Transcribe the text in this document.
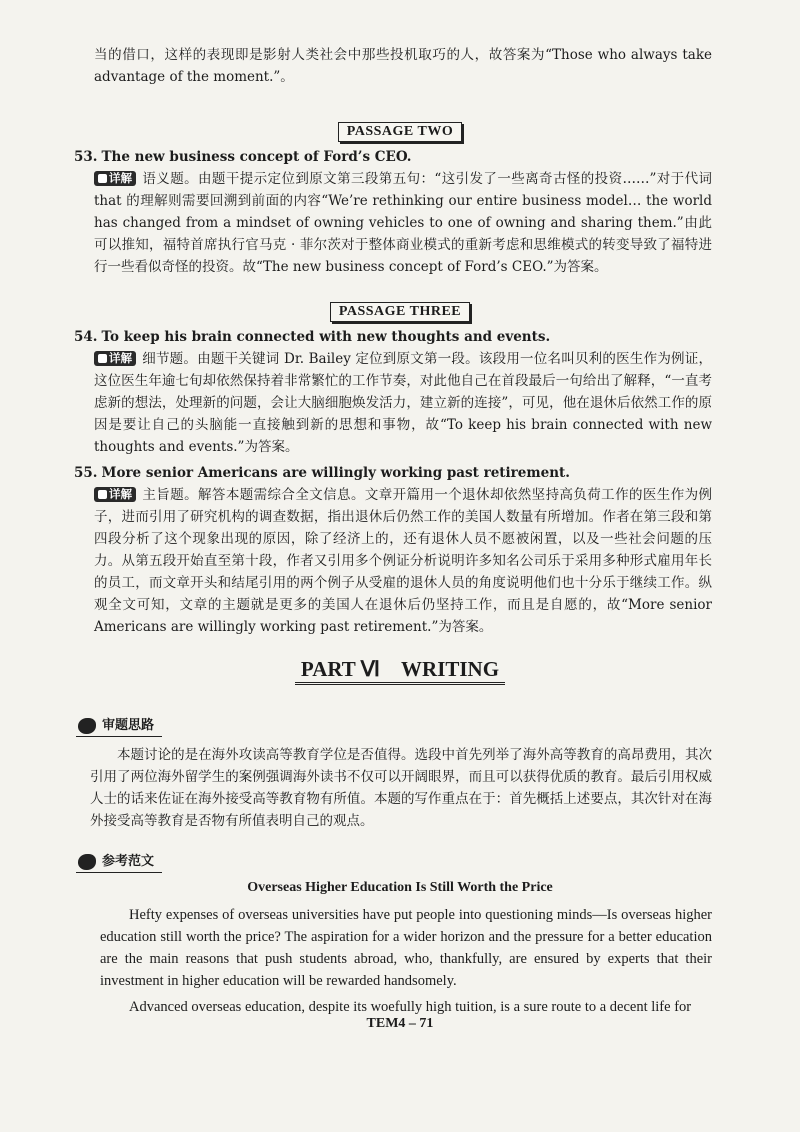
当的借口，这样的表现即是影射人类社会中那些投机取巧的人，故答案为“Those who always take advantage of the moment.”。

PASSAGE TWO

53. The new business concept of Ford’s CEO.

详解 语义题。由题干提示定位到原文第三段第五句：“这引发了一些离奇古怪的投资……”对于代词 that 的理解则需要回溯到前面的内容“We’re rethinking our entire business model… the world has changed from a mindset of owning vehicles to one of owning and sharing them.”由此可以推知，福特首席执行官马克 · 菲尔茨对于整体商业模式的重新考虑和思维模式的转变导致了福特进行一些看似奇怪的投资。故“The new business concept of Ford’s CEO.”为答案。

PASSAGE THREE

54. To keep his brain connected with new thoughts and events.

详解 细节题。由题干关键词 Dr. Bailey 定位到原文第一段。该段用一位名叫贝利的医生作为例证，这位医生年逾七旬却依然保持着非常繁忙的工作节奏，对此他自己在首段最后一句给出了解释，“一直考虑新的想法，处理新的问题，会让大脑细胞焕发活力，建立新的连接”，可见，他在退休后依然工作的原因是要让自己的头脑能一直接触到新的思想和事物，故“To keep his brain connected with new thoughts and events.”为答案。

55. More senior Americans are willingly working past retirement.

详解 主旨题。解答本题需综合全文信息。文章开篇用一个退休却依然坚持高负荷工作的医生作为例子，进而引用了研究机构的调查数据，指出退休后仍然工作的美国人数量有所增加。作者在第三段和第四段分析了这个现象出现的原因，除了经济上的，还有退休人员不愿被闲置，以及一些社会问题的压力。从第五段开始直至第十段，作者又引用多个例证分析说明许多知名公司乐于采用多种形式雇用年长的员工，而文章开头和结尾引用的两个例子从受雇的退休人员的角度说明他们也十分乐于继续工作。纵观全文可知，文章的主题就是更多的美国人在退休后仍坚持工作，而且是自愿的，故“More senior Americans are willingly working past retirement.”为答案。

PART Ⅵ　WRITING
审题思路

本题讨论的是在海外攻读高等教育学位是否值得。选段中首先列举了海外高等教育的高昂费用，其次引用了两位海外留学生的案例强调海外读书不仅可以开阔眼界，而且可以获得优质的教育。最后引用权威人士的话来佐证在海外接受高等教育物有所值。本题的写作重点在于：首先概括上述要点，其次针对在海外接受高等教育是否物有所值表明自己的观点。

参考范文
Overseas Higher Education Is Still Worth the Price

Hefty expenses of overseas universities have put people into questioning minds—Is overseas higher education still worth the price? The aspiration for a wider horizon and the pressure for a better education are the main reasons that push students abroad, who, thankfully, are ensured by experts that their investment in higher education will be rewarded handsomely.

Advanced overseas education, despite its woefully high tuition, is a sure route to a decent life for

TEM4 – 71
